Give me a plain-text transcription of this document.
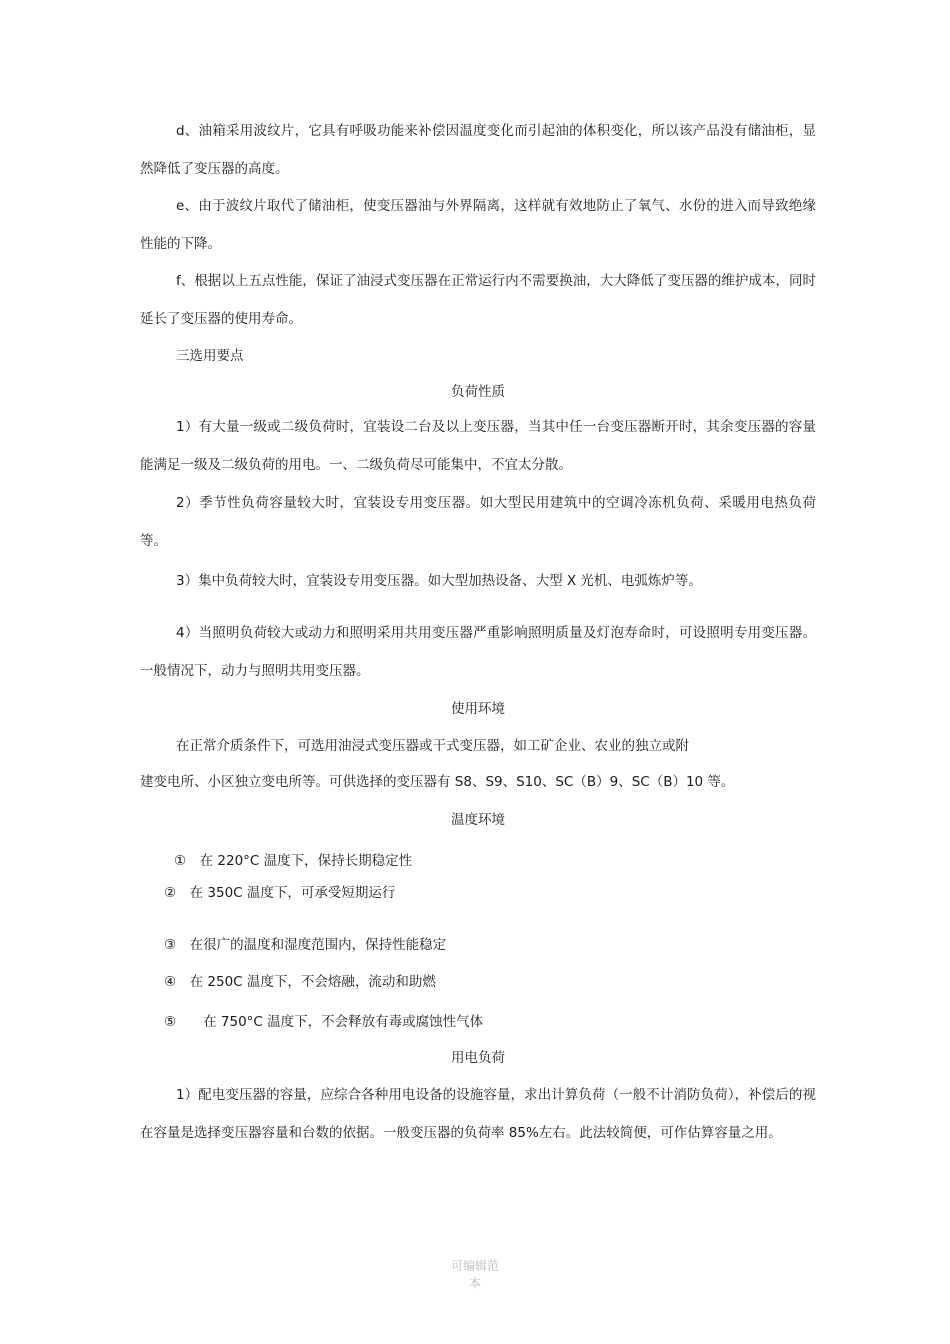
d、油箱采用波纹片，它具有呼吸功能来补偿因温度变化而引起油的体积变化，所以该产品没有储油柜，显然降低了变压器的高度。

e、由于波纹片取代了储油柜，使变压器油与外界隔离，这样就有效地防止了氧气、水份的进入而导致绝缘性能的下降。

f、根据以上五点性能，保证了油浸式变压器在正常运行内不需要换油，大大降低了变压器的维护成本，同时延长了变压器的使用寿命。

三选用要点

负荷性质

1）有大量一级或二级负荷时，宜装设二台及以上变压器，当其中任一台变压器断开时，其余变压器的容量能满足一级及二级负荷的用电。一、二级负荷尽可能集中，不宜太分散。

2）季节性负荷容量较大时，宜装设专用变压器。如大型民用建筑中的空调冷冻机负荷、采暖用电热负荷等。

3）集中负荷较大时，宜装设专用变压器。如大型加热设备、大型 X 光机、电弧炼炉等。

4）当照明负荷较大或动力和照明采用共用变压器严重影响照明质量及灯泡寿命时，可设照明专用变压器。一般情况下，动力与照明共用变压器。

使用环境

在正常介质条件下，可选用油浸式变压器或干式变压器，如工矿企业、农业的独立或附

建变电所、小区独立变电所等。可供选择的变压器有 S8、S9、S10、SC（B）9、SC（B）10 等。

温度环境

①　在 220°C 温度下，保持长期稳定性

②　在 350C 温度下，可承受短期运行

③　在很广的温度和湿度范围内，保持性能稳定

④　在 250C 温度下，不会熔融，流动和助燃

⑤　　在 750°C 温度下，不会释放有毒或腐蚀性气体

用电负荷

1）配电变压器的容量，应综合各种用电设备的设施容量，求出计算负荷（一般不计消防负荷），补偿后的视在容量是选择变压器容量和台数的依据。一般变压器的负荷率 85%左右。此法较简便，可作估算容量之用。

可编辑范
本
